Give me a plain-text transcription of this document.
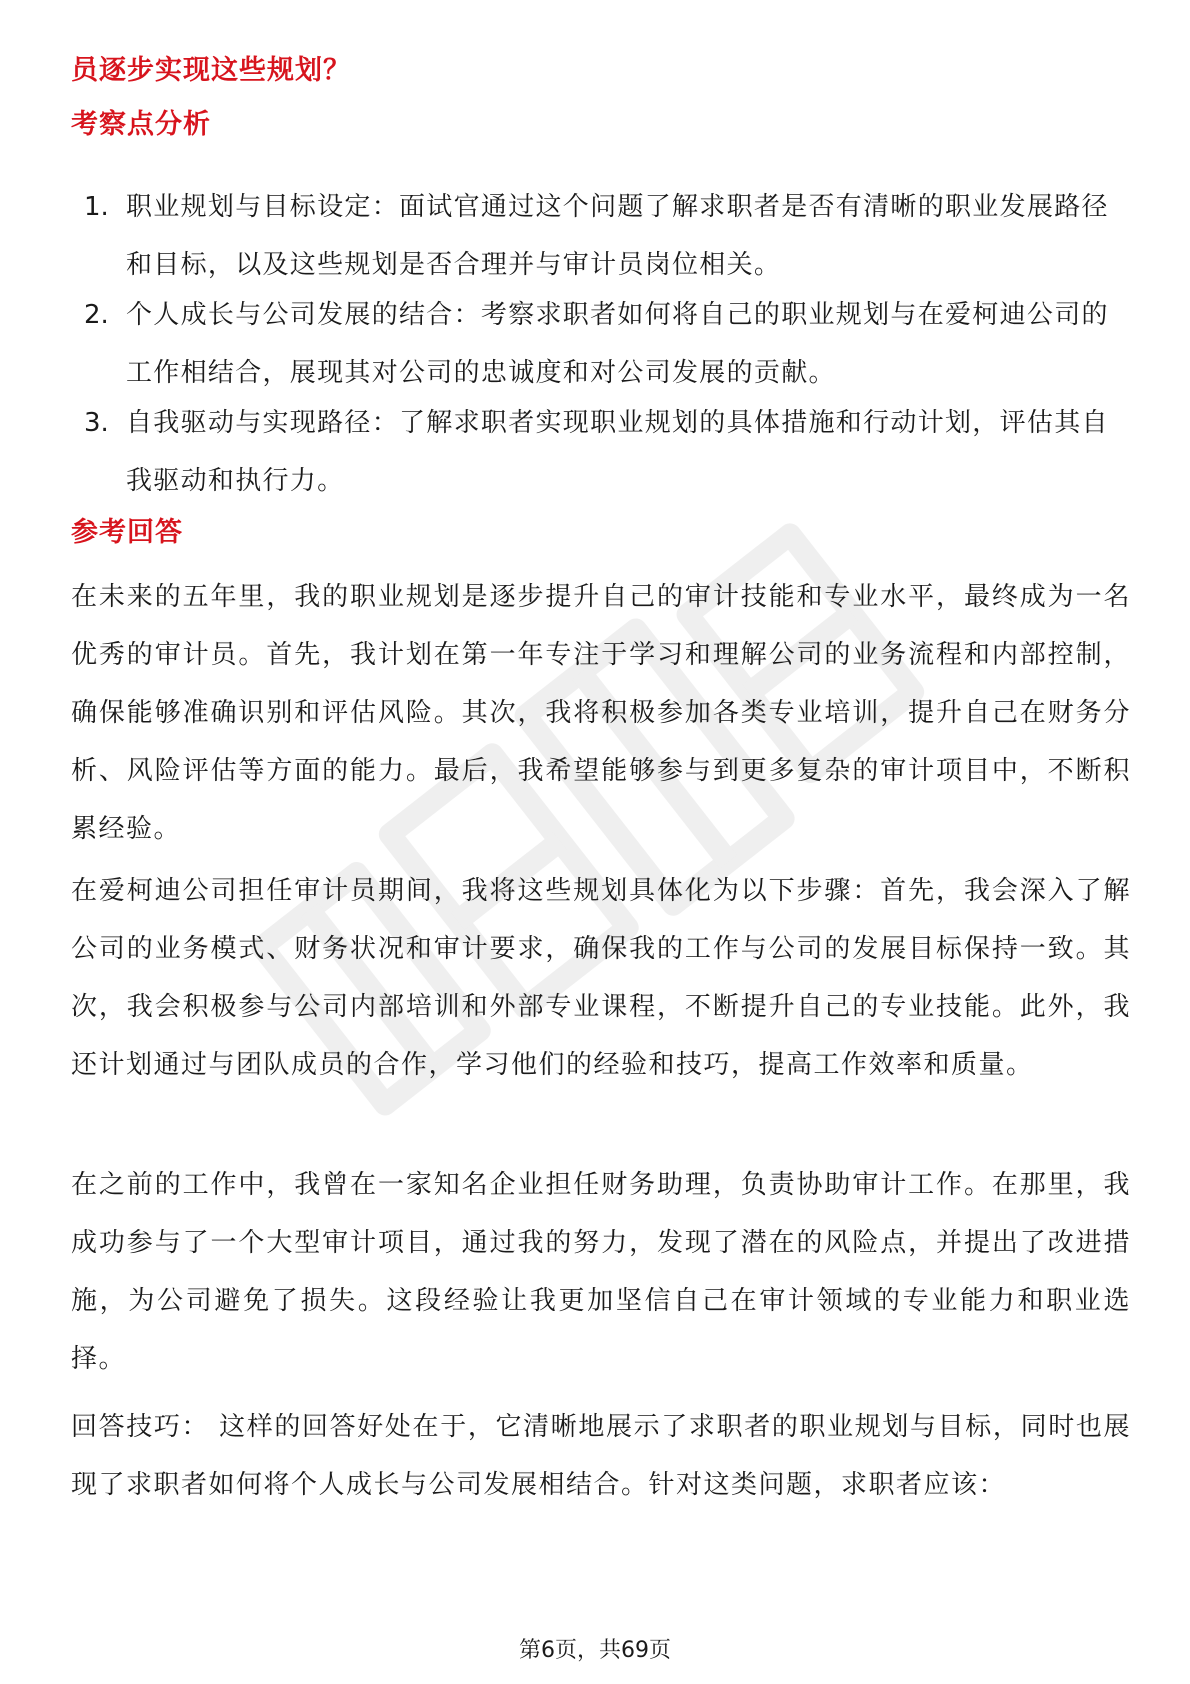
员逐步实现这些规划？
考察点分析
1. 职业规划与目标设定：面试官通过这个问题了解求职者是否有清晰的职业发展路径和目标，以及这些规划是否合理并与审计员岗位相关。
2. 个人成长与公司发展的结合：考察求职者如何将自己的职业规划与在爱柯迪公司的工作相结合，展现其对公司的忠诚度和对公司发展的贡献。
3. 自我驱动与实现路径：了解求职者实现职业规划的具体措施和行动计划，评估其自我驱动和执行力。
参考回答

在未来的五年里，我的职业规划是逐步提升自己的审计技能和专业水平，最终成为一名优秀的审计员。首先，我计划在第一年专注于学习和理解公司的业务流程和内部控制，确保能够准确识别和评估风险。其次，我将积极参加各类专业培训，提升自己在财务分析、风险评估等方面的能力。最后，我希望能够参与到更多复杂的审计项目中，不断积累经验。

在爱柯迪公司担任审计员期间，我将这些规划具体化为以下步骤：首先，我会深入了解公司的业务模式、财务状况和审计要求，确保我的工作与公司的发展目标保持一致。其次，我会积极参与公司内部培训和外部专业课程，不断提升自己的专业技能。此外，我还计划通过与团队成员的合作，学习他们的经验和技巧，提高工作效率和质量。

在之前的工作中，我曾在一家知名企业担任财务助理，负责协助审计工作。在那里，我成功参与了一个大型审计项目，通过我的努力，发现了潜在的风险点，并提出了改进措施，为公司避免了损失。这段经验让我更加坚信自己在审计领域的专业能力和职业选择。

回答技巧： 这样的回答好处在于，它清晰地展示了求职者的职业规划与目标，同时也展现了求职者如何将个人成长与公司发展相结合。针对这类问题，求职者应该：

第6页，共69页
